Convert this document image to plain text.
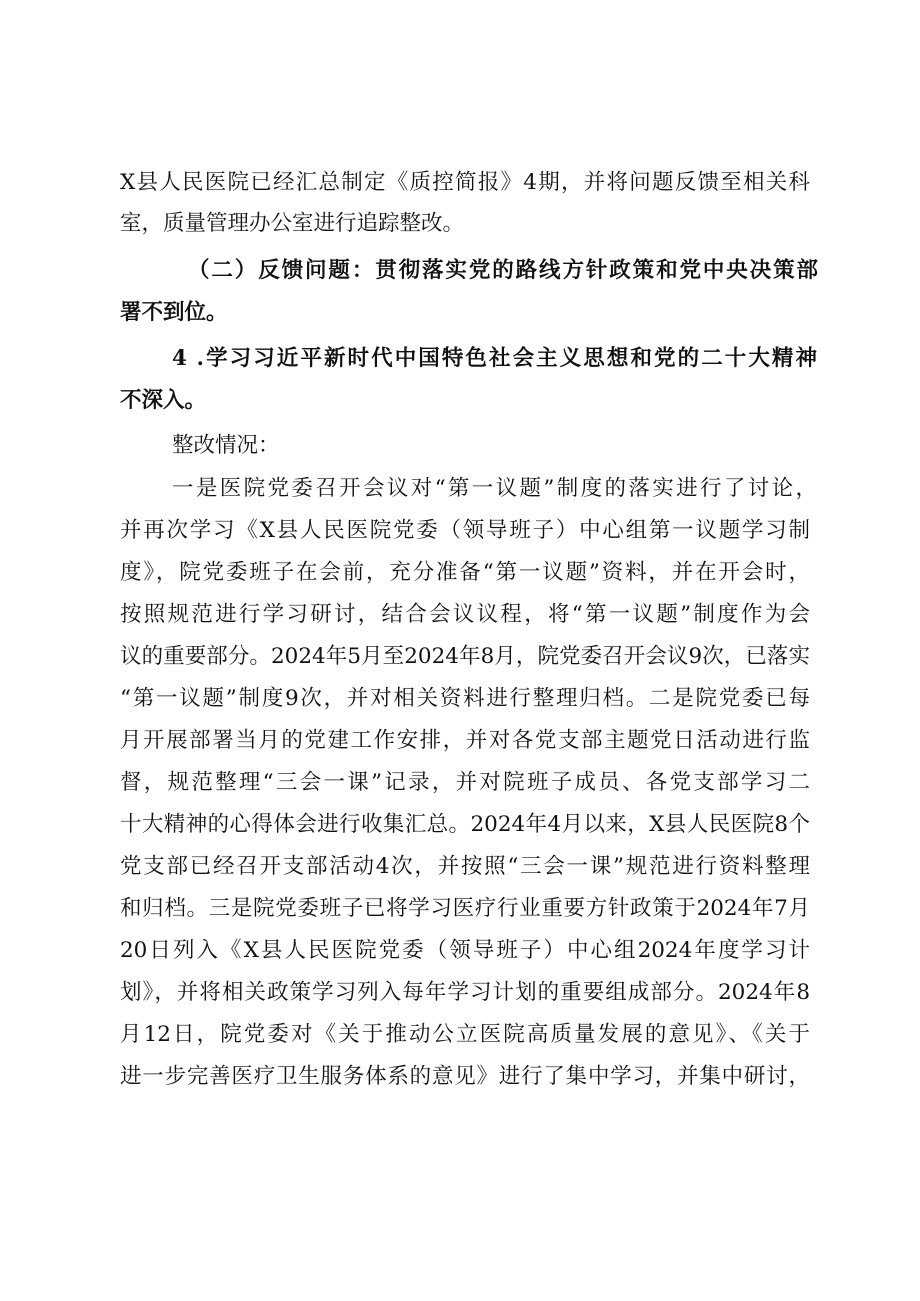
X县人民医院已经汇总制定《质控简报》4期，并将问题反馈至相关科
室，质量管理办公室进行追踪整改。
（二）反馈问题：贯彻落实党的路线方针政策和党中央决策部
署不到位。
4 .学习习近平新时代中国特色社会主义思想和党的二十大精神
不深入。
整改情况：
一是医院党委召开会议对“第一议题”制度的落实进行了讨论，
并再次学习《X县人民医院党委（领导班子）中心组第一议题学习制
度》，院党委班子在会前，充分准备“第一议题”资料，并在开会时，
按照规范进行学习研讨，结合会议议程，将“第一议题”制度作为会
议的重要部分。2024年5月至2024年8月，院党委召开会议9次，已落实
“第一议题”制度9次，并对相关资料进行整理归档。二是院党委已每
月开展部署当月的党建工作安排，并对各党支部主题党日活动进行监
督，规范整理“三会一课”记录，并对院班子成员、各党支部学习二
十大精神的心得体会进行收集汇总。2024年4月以来，X县人民医院8个
党支部已经召开支部活动4次，并按照“三会一课”规范进行资料整理
和归档。三是院党委班子已将学习医疗行业重要方针政策于2024年7月
20日列入《X县人民医院党委（领导班子）中心组2024年度学习计
划》，并将相关政策学习列入每年学习计划的重要组成部分。2024年8
月12日，院党委对《关于推动公立医院高质量发展的意见》、《关于
进一步完善医疗卫生服务体系的意见》进行了集中学习，并集中研讨，
